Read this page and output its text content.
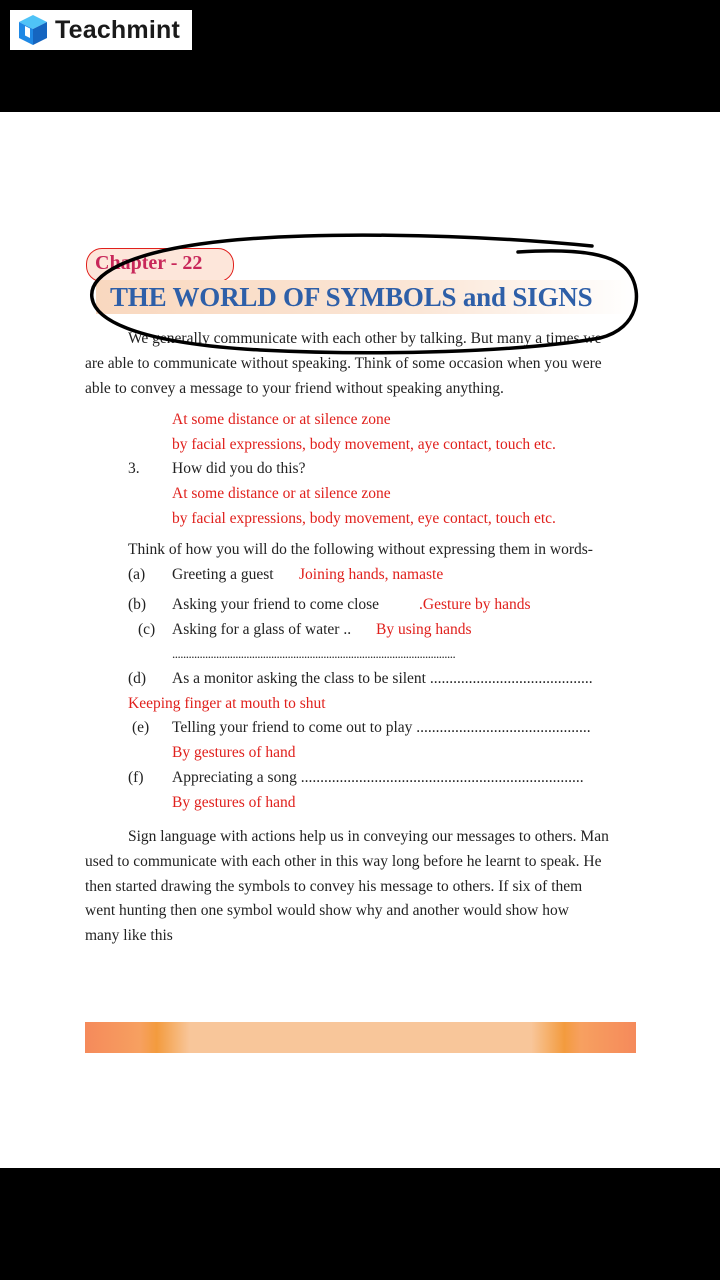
Teachmint
Chapter - 22
THE WORLD OF SYMBOLS and SIGNS
We generally communicate with each other by talking. But many a times we
are able to communicate without speaking. Think of some occasion when you were
able to convey a message to your friend without speaking anything.
At some distance or at silence zone
by facial expressions, body movement, aye contact, touch etc.
3. How did you do this?
At some distance or at silence zone
by facial expressions, body movement, eye contact, touch etc.
Think of how you will do the following without expressing them in words-
(a) Greeting a guest Joining hands, namaste
(b) Asking your friend to come close	.Gesture by hands
(c) Asking for a glass of water .. By using hands
.......................................................................................................
(d) As a monitor asking the class to be silent ..........................................
Keeping finger at mouth to shut
(e) Telling your friend to come out to play .............................................
By gestures of hand
(f) Appreciating a song .........................................................................
By gestures of hand
Sign language with actions help us in conveying our messages to others. Man
used to communicate with each other in this way long before he learnt to speak. He
then started drawing the symbols to convey his message to others. If six of them
went hunting then one symbol would show why and another would show how
many like this
